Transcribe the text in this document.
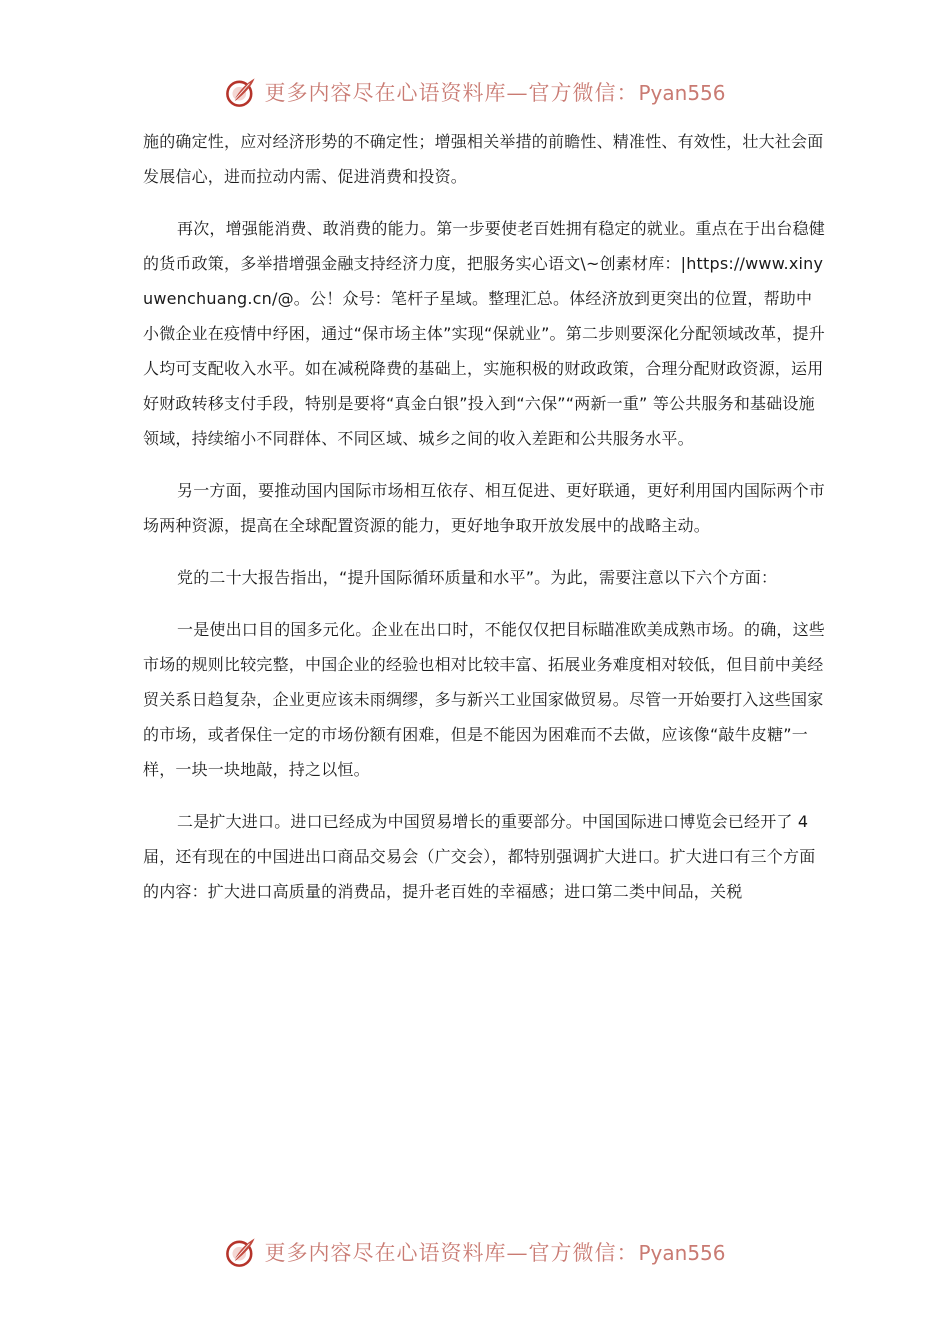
更多内容尽在心语资料库—官方微信：Pyan556

施的确定性，应对经济形势的不确定性；增强相关举措的前瞻性、精准性、有效性，壮大社会面发展信心，进而拉动内需、促进消费和投资。

再次，增强能消费、敢消费的能力。第一步要使老百姓拥有稳定的就业。重点在于出台稳健的货币政策，多举措增强金融支持经济力度，把服务实心语文\~创素材库：|https://www.xinyuwenchuang.cn/@。公！众号：笔杆子星域。整理汇总。体经济放到更突出的位置，帮助中小微企业在疫情中纾困，通过“保市场主体”实现“保就业”。第二步则要深化分配领域改革，提升人均可支配收入水平。如在减税降费的基础上，实施积极的财政政策，合理分配财政资源，运用好财政转移支付手段，特别是要将“真金白银”投入到“六保”“两新一重” 等公共服务和基础设施领域，持续缩小不同群体、不同区域、城乡之间的收入差距和公共服务水平。

另一方面，要推动国内国际市场相互依存、相互促进、更好联通，更好利用国内国际两个市场两种资源，提高在全球配置资源的能力，更好地争取开放发展中的战略主动。

党的二十大报告指出，“提升国际循环质量和水平”。为此，需要注意以下六个方面：

一是使出口目的国多元化。企业在出口时，不能仅仅把目标瞄准欧美成熟市场。的确，这些市场的规则比较完整，中国企业的经验也相对比较丰富、拓展业务难度相对较低，但目前中美经贸关系日趋复杂，企业更应该未雨绸缪，多与新兴工业国家做贸易。尽管一开始要打入这些国家的市场，或者保住一定的市场份额有困难，但是不能因为困难而不去做，应该像“敲牛皮糖”一样，一块一块地敲，持之以恒。

二是扩大进口。进口已经成为中国贸易增长的重要部分。中国国际进口博览会已经开了 4届，还有现在的中国进出口商品交易会（广交会），都特别强调扩大进口。扩大进口有三个方面的内容：扩大进口高质量的消费品，提升老百姓的幸福感；进口第二类中间品，关税

更多内容尽在心语资料库—官方微信：Pyan556
